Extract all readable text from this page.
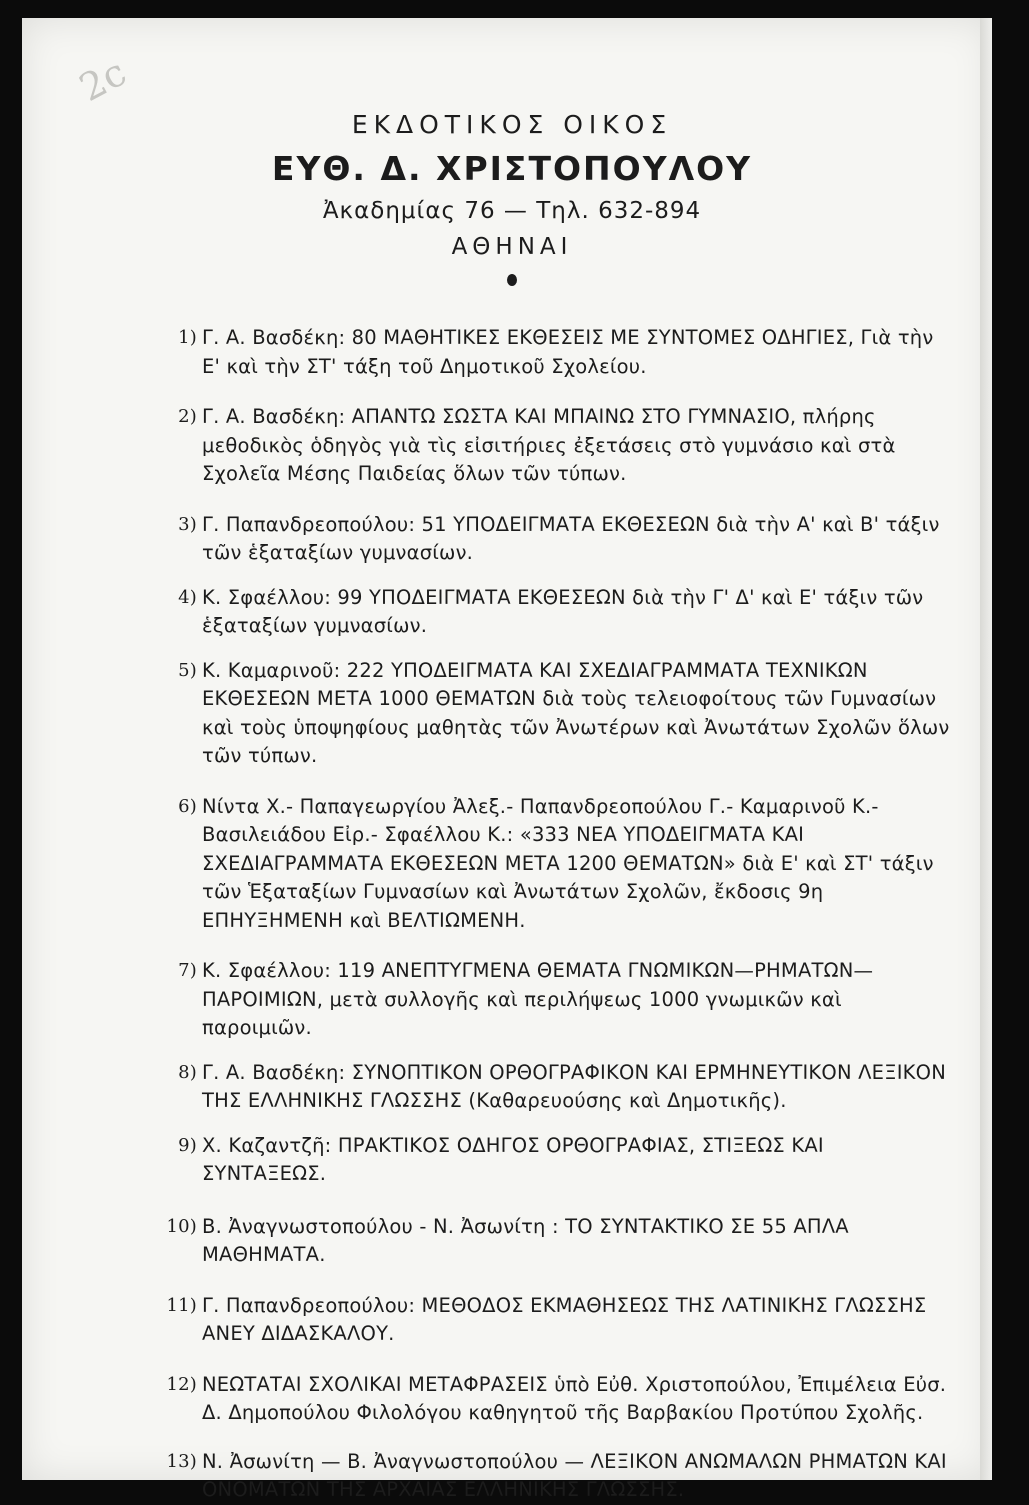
2c
ΕΚΔΟΤΙΚΟΣ ΟΙΚΟΣ
ΕΥΘ. Δ. ΧΡΙΣΤΟΠΟΥΛΟΥ
Ἀκαδημίας 76 — Τηλ. 632-894
ΑΘΗΝΑΙ
1) Γ. Α. Βασδέκη: 80 ΜΑΘΗΤΙΚΕΣ ΕΚΘΕΣΕΙΣ ΜΕ ΣΥΝΤΟΜΕΣ ΟΔΗΓΙΕΣ, Γιὰ τὴν Ε' καὶ τὴν ΣΤ' τάξη τοῦ Δημοτικοῦ Σχολείου.
2) Γ. Α. Βασδέκη: ΑΠΑΝΤΩ ΣΩΣΤΑ ΚΑΙ ΜΠΑΙΝΩ ΣΤΟ ΓΥΜΝΑΣΙΟ, πλήρης μεθοδικὸς ὁδηγὸς γιὰ τὶς εἰσιτήριες ἐξετάσεις στὸ γυμνάσιο καὶ στὰ Σχολεῖα Μέσης Παιδείας ὅλων τῶν τύπων.
3) Γ. Παπανδρεοπούλου: 51 ΥΠΟΔΕΙΓΜΑΤΑ ΕΚΘΕΣΕΩΝ διὰ τὴν Α' καὶ Β' τάξιν τῶν ἑξαταξίων γυμνασίων.
4) Κ. Σφαέλλου: 99 ΥΠΟΔΕΙΓΜΑΤΑ ΕΚΘΕΣΕΩΝ διὰ τὴν Γ' Δ' καὶ Ε' τάξιν τῶν ἑξαταξίων γυμνασίων.
5) Κ. Καμαρινοῦ: 222 ΥΠΟΔΕΙΓΜΑΤΑ ΚΑΙ ΣΧΕΔΙΑΓΡΑΜΜΑΤΑ ΤΕΧΝΙΚΩΝ ΕΚΘΕΣΕΩΝ ΜΕΤΑ 1000 ΘΕΜΑΤΩΝ διὰ τοὺς τελειοφοίτους τῶν Γυμνασίων καὶ τοὺς ὑποψηφίους μαθητὰς τῶν Ἀνωτέρων καὶ Ἀνωτάτων Σχολῶν ὅλων τῶν τύπων.
6) Νίντα Χ.- Παπαγεωργίου Ἀλεξ.- Παπανδρεοπούλου Γ.- Καμαρινοῦ Κ.- Βασιλειάδου Εἰρ.- Σφαέλλου Κ.: «333 ΝΕΑ ΥΠΟΔΕΙΓΜΑΤΑ ΚΑΙ ΣΧΕΔΙΑΓΡΑΜΜΑΤΑ ΕΚΘΕΣΕΩΝ ΜΕΤΑ 1200 ΘΕΜΑΤΩΝ» διὰ Ε' καὶ ΣΤ' τάξιν τῶν Ἑξαταξίων Γυμνασίων καὶ Ἀνωτάτων Σχολῶν, ἔκδοσις 9η ΕΠΗΥΞΗΜΕΝΗ καὶ ΒΕΛΤΙΩΜΕΝΗ.
7) Κ. Σφαέλλου: 119 ΑΝΕΠΤΥΓΜΕΝΑ ΘΕΜΑΤΑ ΓΝΩΜΙΚΩΝ—ΡΗΜΑΤΩΝ—ΠΑΡΟΙΜΙΩΝ, μετὰ συλλογῆς καὶ περιλήψεως 1000 γνωμικῶν καὶ παροιμιῶν.
8) Γ. Α. Βασδέκη: ΣΥΝΟΠΤΙΚΟΝ ΟΡΘΟΓΡΑΦΙΚΟΝ ΚΑΙ ΕΡΜΗΝΕΥΤΙΚΟΝ ΛΕΞΙΚΟΝ ΤΗΣ ΕΛΛΗΝΙΚΗΣ ΓΛΩΣΣΗΣ (Καθαρευούσης καὶ Δημοτικῆς).
9) Χ. Καζαντζῆ: ΠΡΑΚΤΙΚΟΣ ΟΔΗΓΟΣ ΟΡΘΟΓΡΑΦΙΑΣ, ΣΤΙΞΕΩΣ ΚΑΙ ΣΥΝΤΑΞΕΩΣ.
10) Β. Ἀναγνωστοπούλου - Ν. Ἀσωνίτη : ΤΟ ΣΥΝΤΑΚΤΙΚΟ ΣΕ 55 ΑΠΛΑ ΜΑΘΗΜΑΤΑ.
11) Γ. Παπανδρεοπούλου: ΜΕΘΟΔΟΣ ΕΚΜΑΘΗΣΕΩΣ ΤΗΣ ΛΑΤΙΝΙΚΗΣ ΓΛΩΣΣΗΣ ΑΝΕΥ ΔΙΔΑΣΚΑΛΟΥ.
12) ΝΕΩΤΑΤΑΙ ΣΧΟΛΙΚΑΙ ΜΕΤΑΦΡΑΣΕΙΣ ὑπὸ Εὐθ. Χριστοπούλου, Ἐπιμέλεια Εὐσ. Δ. Δημοπούλου Φιλολόγου καθηγητοῦ τῆς Βαρβακίου Προτύπου Σχολῆς.
13) Ν. Ἀσωνίτη — Β. Ἀναγνωστοπούλου — ΛΕΞΙΚΟΝ ΑΝΩΜΑΛΩΝ ΡΗΜΑΤΩΝ ΚΑΙ ΟΝΟΜΑΤΩΝ ΤΗΣ ΑΡΧΑΙΑΣ ΕΛΛΗΝΙΚΗΣ ΓΛΩΣΣΗΣ.
